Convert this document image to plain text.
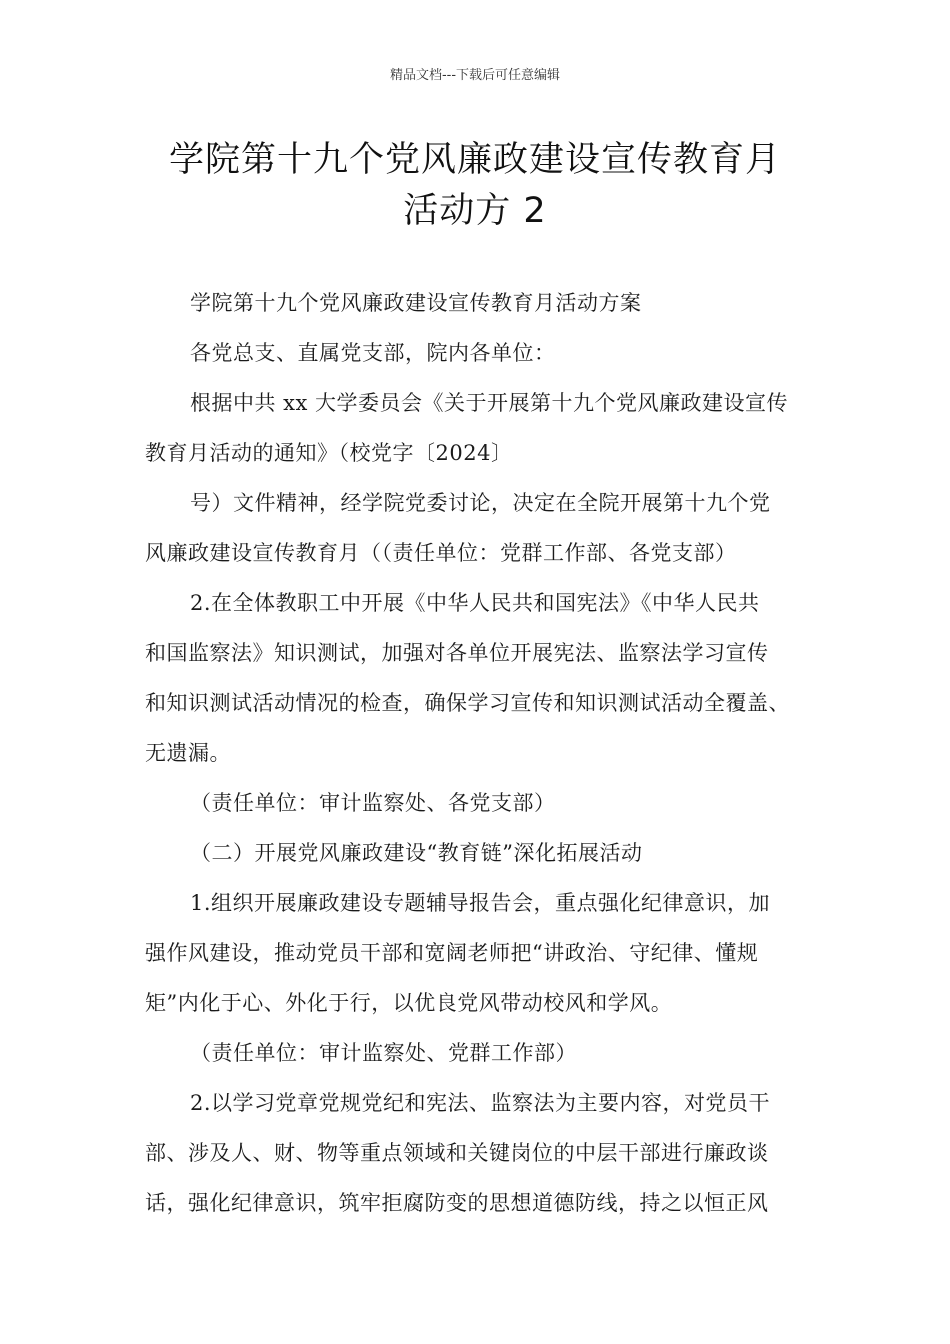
精品文档---下载后可任意编辑
学院第十九个党风廉政建设宣传教育月
活动方 2
学院第十九个党风廉政建设宣传教育月活动方案
各党总支、直属党支部，院内各单位：
根据中共 xx 大学委员会《关于开展第十九个党风廉政建设宣传
教育月活动的通知》（校党字〔2024〕
号）文件精神，经学院党委讨论，决定在全院开展第十九个党
风廉政建设宣传教育月（（责任单位：党群工作部、各党支部）
2.在全体教职工中开展《中华人民共和国宪法》《中华人民共
和国监察法》知识测试，加强对各单位开展宪法、监察法学习宣传
和知识测试活动情况的检查，确保学习宣传和知识测试活动全覆盖、
无遗漏。
（责任单位：审计监察处、各党支部）
（二）开展党风廉政建设“教育链”深化拓展活动
1.组织开展廉政建设专题辅导报告会，重点强化纪律意识，加
强作风建设，推动党员干部和宽阔老师把“讲政治、守纪律、懂规
矩”内化于心、外化于行，以优良党风带动校风和学风。
（责任单位：审计监察处、党群工作部）
2.以学习党章党规党纪和宪法、监察法为主要内容，对党员干
部、涉及人、财、物等重点领域和关键岗位的中层干部进行廉政谈
话，强化纪律意识，筑牢拒腐防变的思想道德防线，持之以恒正风
